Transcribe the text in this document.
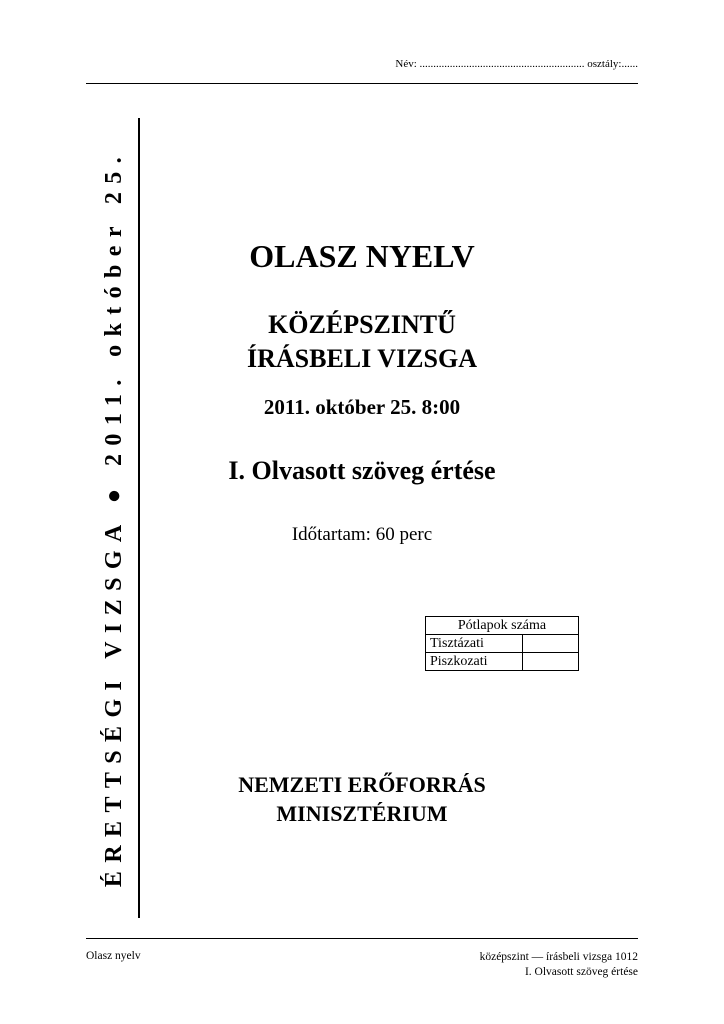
Név: ............................................................ osztály:......
ÉRETTSÉGI VIZSGA ● 2011. október 25.	OLASZ NYELV
KÖZÉPSZINTŰ
ÍRÁSBELI VIZSGA
2011. október 25. 8:00
I. Olvasott szöveg értése
Időtartam: 60 perc
Pótlapok száma	
Tisztázati	
Piszkozati	
NEMZETI ERŐFORRÁS
MINISZTÉRIUM
Olasz nyelv	középszint — írásbeli vizsga 1012
I. Olvasott szöveg értése
